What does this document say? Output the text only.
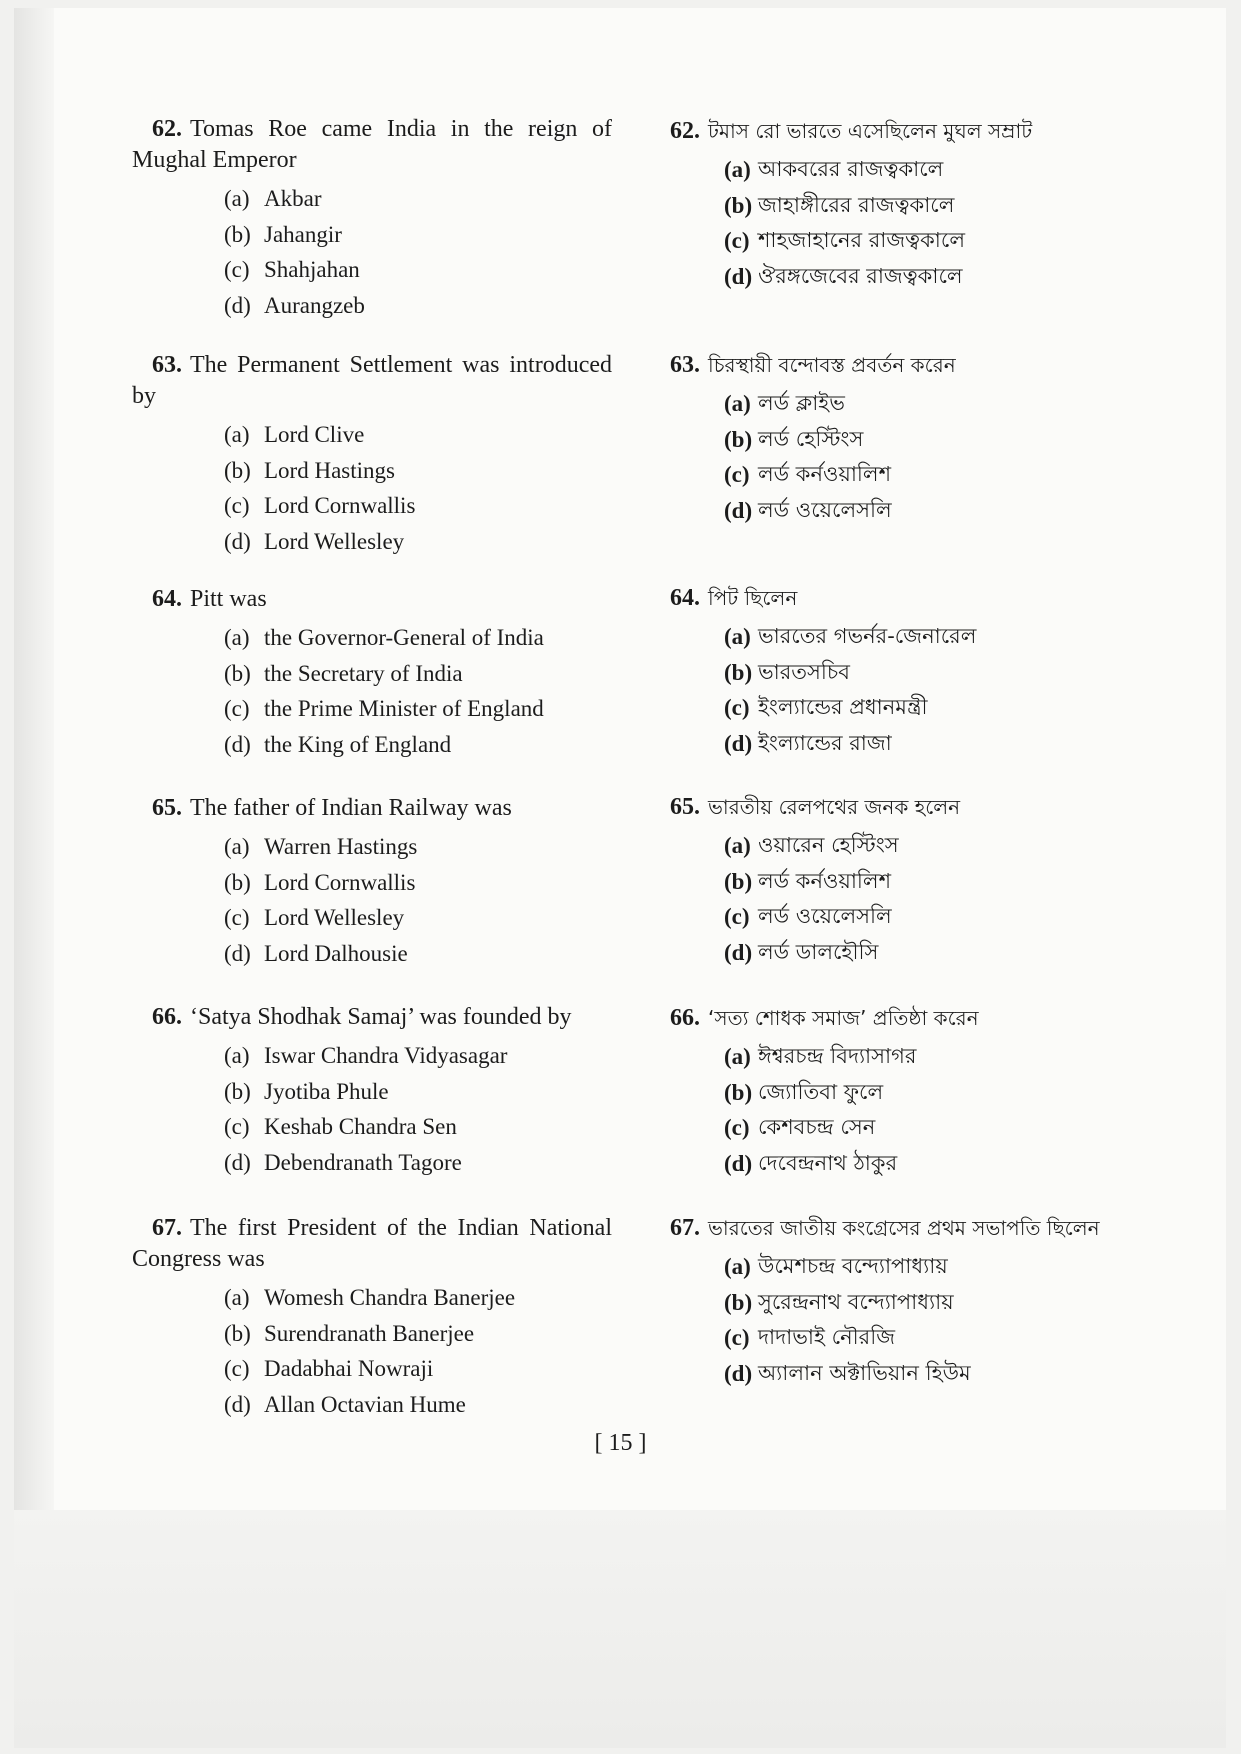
62. Tomas Roe came India in the reign of Mughal Emperor

(a) Akbar
(b) Jahangir
(c) Shahjahan
(d) Aurangzeb

63. The Permanent Settlement was introduced by

(a) Lord Clive
(b) Lord Hastings
(c) Lord Cornwallis
(d) Lord Wellesley

64. Pitt was

(a) the Governor-General of India
(b) the Secretary of India
(c) the Prime Minister of England
(d) the King of England

65. The father of Indian Railway was

(a) Warren Hastings
(b) Lord Cornwallis
(c) Lord Wellesley
(d) Lord Dalhousie

66. ‘Satya Shodhak Samaj’ was founded by

(a) Iswar Chandra Vidyasagar
(b) Jyotiba Phule
(c) Keshab Chandra Sen
(d) Debendranath Tagore

67. The first President of the Indian National Congress was

(a) Womesh Chandra Banerjee
(b) Surendranath Banerjee
(c) Dadabhai Nowraji
(d) Allan Octavian Hume

62. টমাস রো ভারতে এসেছিলেন মুঘল সম্রাট

(a) আকবরের রাজত্বকালে
(b) জাহাঙ্গীরের রাজত্বকালে
(c) শাহজাহানের রাজত্বকালে
(d) ঔরঙ্গজেবের রাজত্বকালে

63. চিরস্থায়ী বন্দোবস্ত প্রবর্তন করেন

(a) লর্ড ক্লাইভ
(b) লর্ড হেস্টিংস
(c) লর্ড কর্নওয়ালিশ
(d) লর্ড ওয়েলেসলি

64. পিট ছিলেন

(a) ভারতের গভর্নর-জেনারেল
(b) ভারতসচিব
(c) ইংল্যান্ডের প্রধানমন্ত্রী
(d) ইংল্যান্ডের রাজা

65. ভারতীয় রেলপথের জনক হলেন

(a) ওয়ারেন হেস্টিংস
(b) লর্ড কর্নওয়ালিশ
(c) লর্ড ওয়েলেসলি
(d) লর্ড ডালহৌসি

66. ‘সত্য শোধক সমাজ’ প্রতিষ্ঠা করেন

(a) ঈশ্বরচন্দ্র বিদ্যাসাগর
(b) জ্যোতিবা ফুলে
(c) কেশবচন্দ্র সেন
(d) দেবেন্দ্রনাথ ঠাকুর

67. ভারতের জাতীয় কংগ্রেসের প্রথম সভাপতি ছিলেন

(a) উমেশচন্দ্র বন্দ্যোপাধ্যায়
(b) সুরেন্দ্রনাথ বন্দ্যোপাধ্যায়
(c) দাদাভাই নৌরজি
(d) অ্যালান অক্টাভিয়ান হিউম
[ 15 ]
